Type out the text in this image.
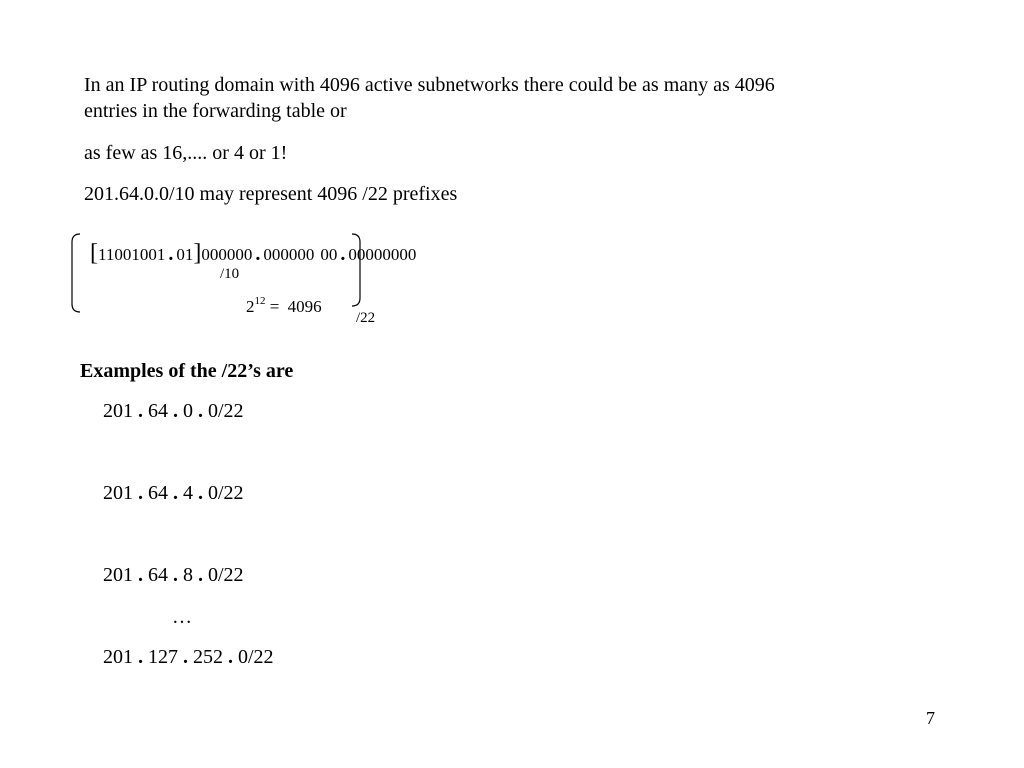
In an IP routing domain with 4096 active subnetworks there could be as many as 4096
entries in the forwarding table or
as few as 16,.... or 4 or 1!
201.64.0.0/10 may represent 4096 /22 prefixes
[ 11001001 . 01 ] 000000 . 000000 00 . 00000000
/10
$2^{12} = 4096$
/22
Examples of the /22’s are
201 . 64 . 0 . 0/22
201 . 64 . 4 . 0/22
201 . 64 . 8 . 0/22
…
201 . 127 . 252 . 0/22
7
